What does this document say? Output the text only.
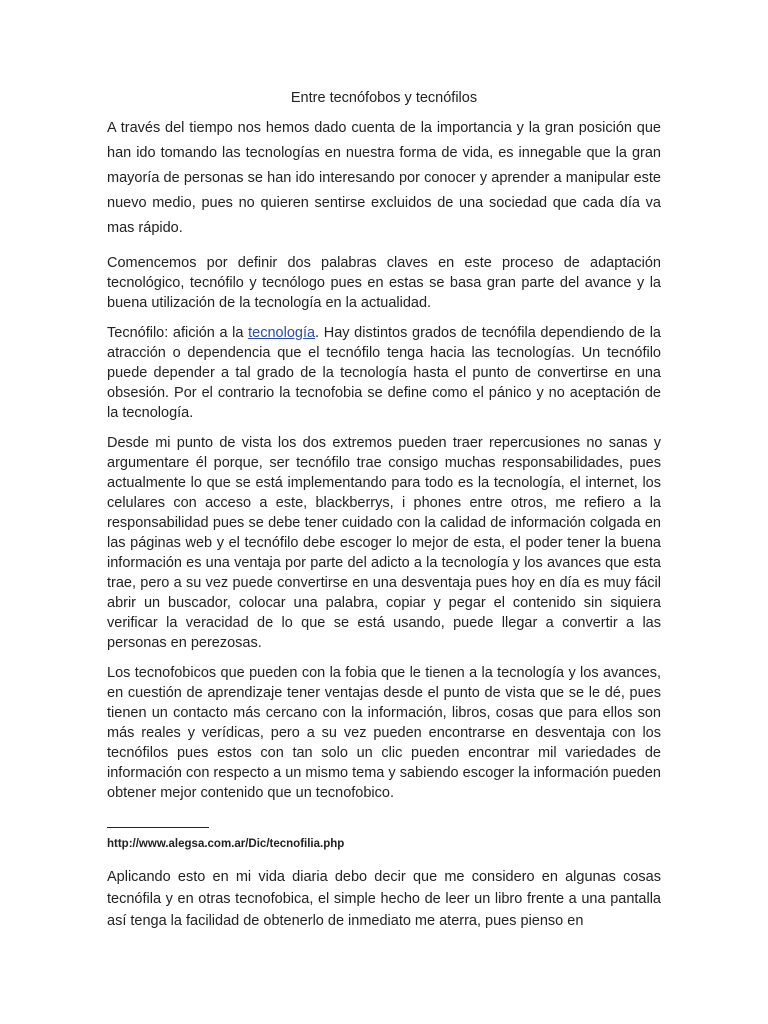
Entre tecnófobos y tecnófilos

A través del tiempo nos hemos dado cuenta de la importancia y la gran posición que han ido tomando las tecnologías en nuestra forma de vida, es innegable que la gran mayoría de personas se han ido interesando por conocer y aprender a manipular este nuevo medio, pues no quieren sentirse excluidos de una sociedad que cada día va mas rápido.

Comencemos por definir dos palabras claves en este proceso de adaptación tecnológico, tecnófilo y tecnólogo pues en estas se basa gran parte del avance y la buena utilización de la tecnología en la actualidad.

Tecnófilo: afición a la tecnología. Hay distintos grados de tecnófila dependiendo de la atracción o dependencia que el tecnófilo tenga hacia las tecnologías. Un tecnófilo puede depender a tal grado de la tecnología hasta el punto de convertirse en una obsesión. Por el contrario la tecnofobia se define como el pánico y no aceptación de la tecnología.

Desde mi punto de vista los dos extremos pueden traer repercusiones no sanas y argumentare él porque, ser tecnófilo trae consigo muchas responsabilidades, pues actualmente lo que se está implementando para todo es la tecnología, el internet, los celulares con acceso a este, blackberrys, i phones entre otros, me refiero a la responsabilidad pues se debe tener cuidado con la calidad de información colgada en las páginas web y el tecnófilo debe escoger lo mejor de esta, el poder tener la buena información es una ventaja por parte del adicto a la tecnología y los avances que esta trae, pero a su vez puede convertirse en una desventaja pues hoy en día es muy fácil abrir un buscador, colocar una palabra, copiar y pegar el contenido sin siquiera verificar la veracidad de lo que se está usando, puede llegar a convertir a las personas en perezosas.

Los tecnofobicos que pueden con la fobia que le tienen a la tecnología y los avances, en cuestión de aprendizaje tener ventajas desde el punto de vista que se le dé, pues tienen un contacto más cercano con la información, libros, cosas que para ellos son más reales y verídicas, pero a su vez pueden encontrarse en desventaja con los tecnófilos pues estos con tan solo un clic pueden encontrar mil variedades de información con respecto a un mismo tema y sabiendo escoger la información pueden obtener mejor contenido que un tecnofobico.

http://www.alegsa.com.ar/Dic/tecnofilia.php

Aplicando esto en mi vida diaria debo decir que me considero en algunas cosas tecnófila y en otras tecnofobica, el simple hecho de leer un libro frente a una pantalla así tenga la facilidad de obtenerlo de inmediato me aterra, pues pienso en
